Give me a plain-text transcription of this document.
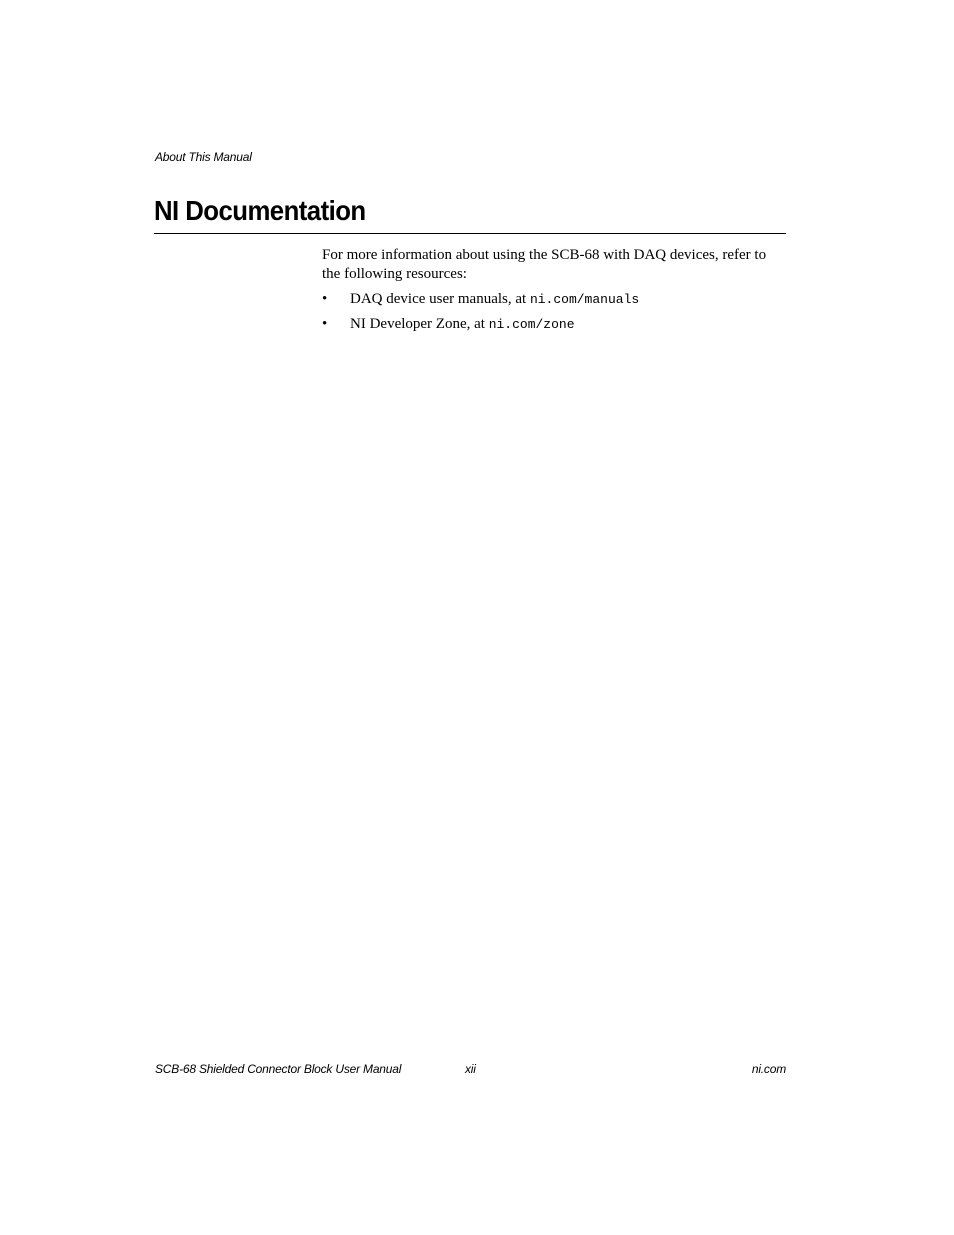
About This Manual
NI Documentation

For more information about using the SCB-68 with DAQ devices, refer to the following resources:

• DAQ device user manuals, at ni.com/manuals
• NI Developer Zone, at ni.com/zone
SCB-68 Shielded Connector Block User Manual	xii	ni.com
